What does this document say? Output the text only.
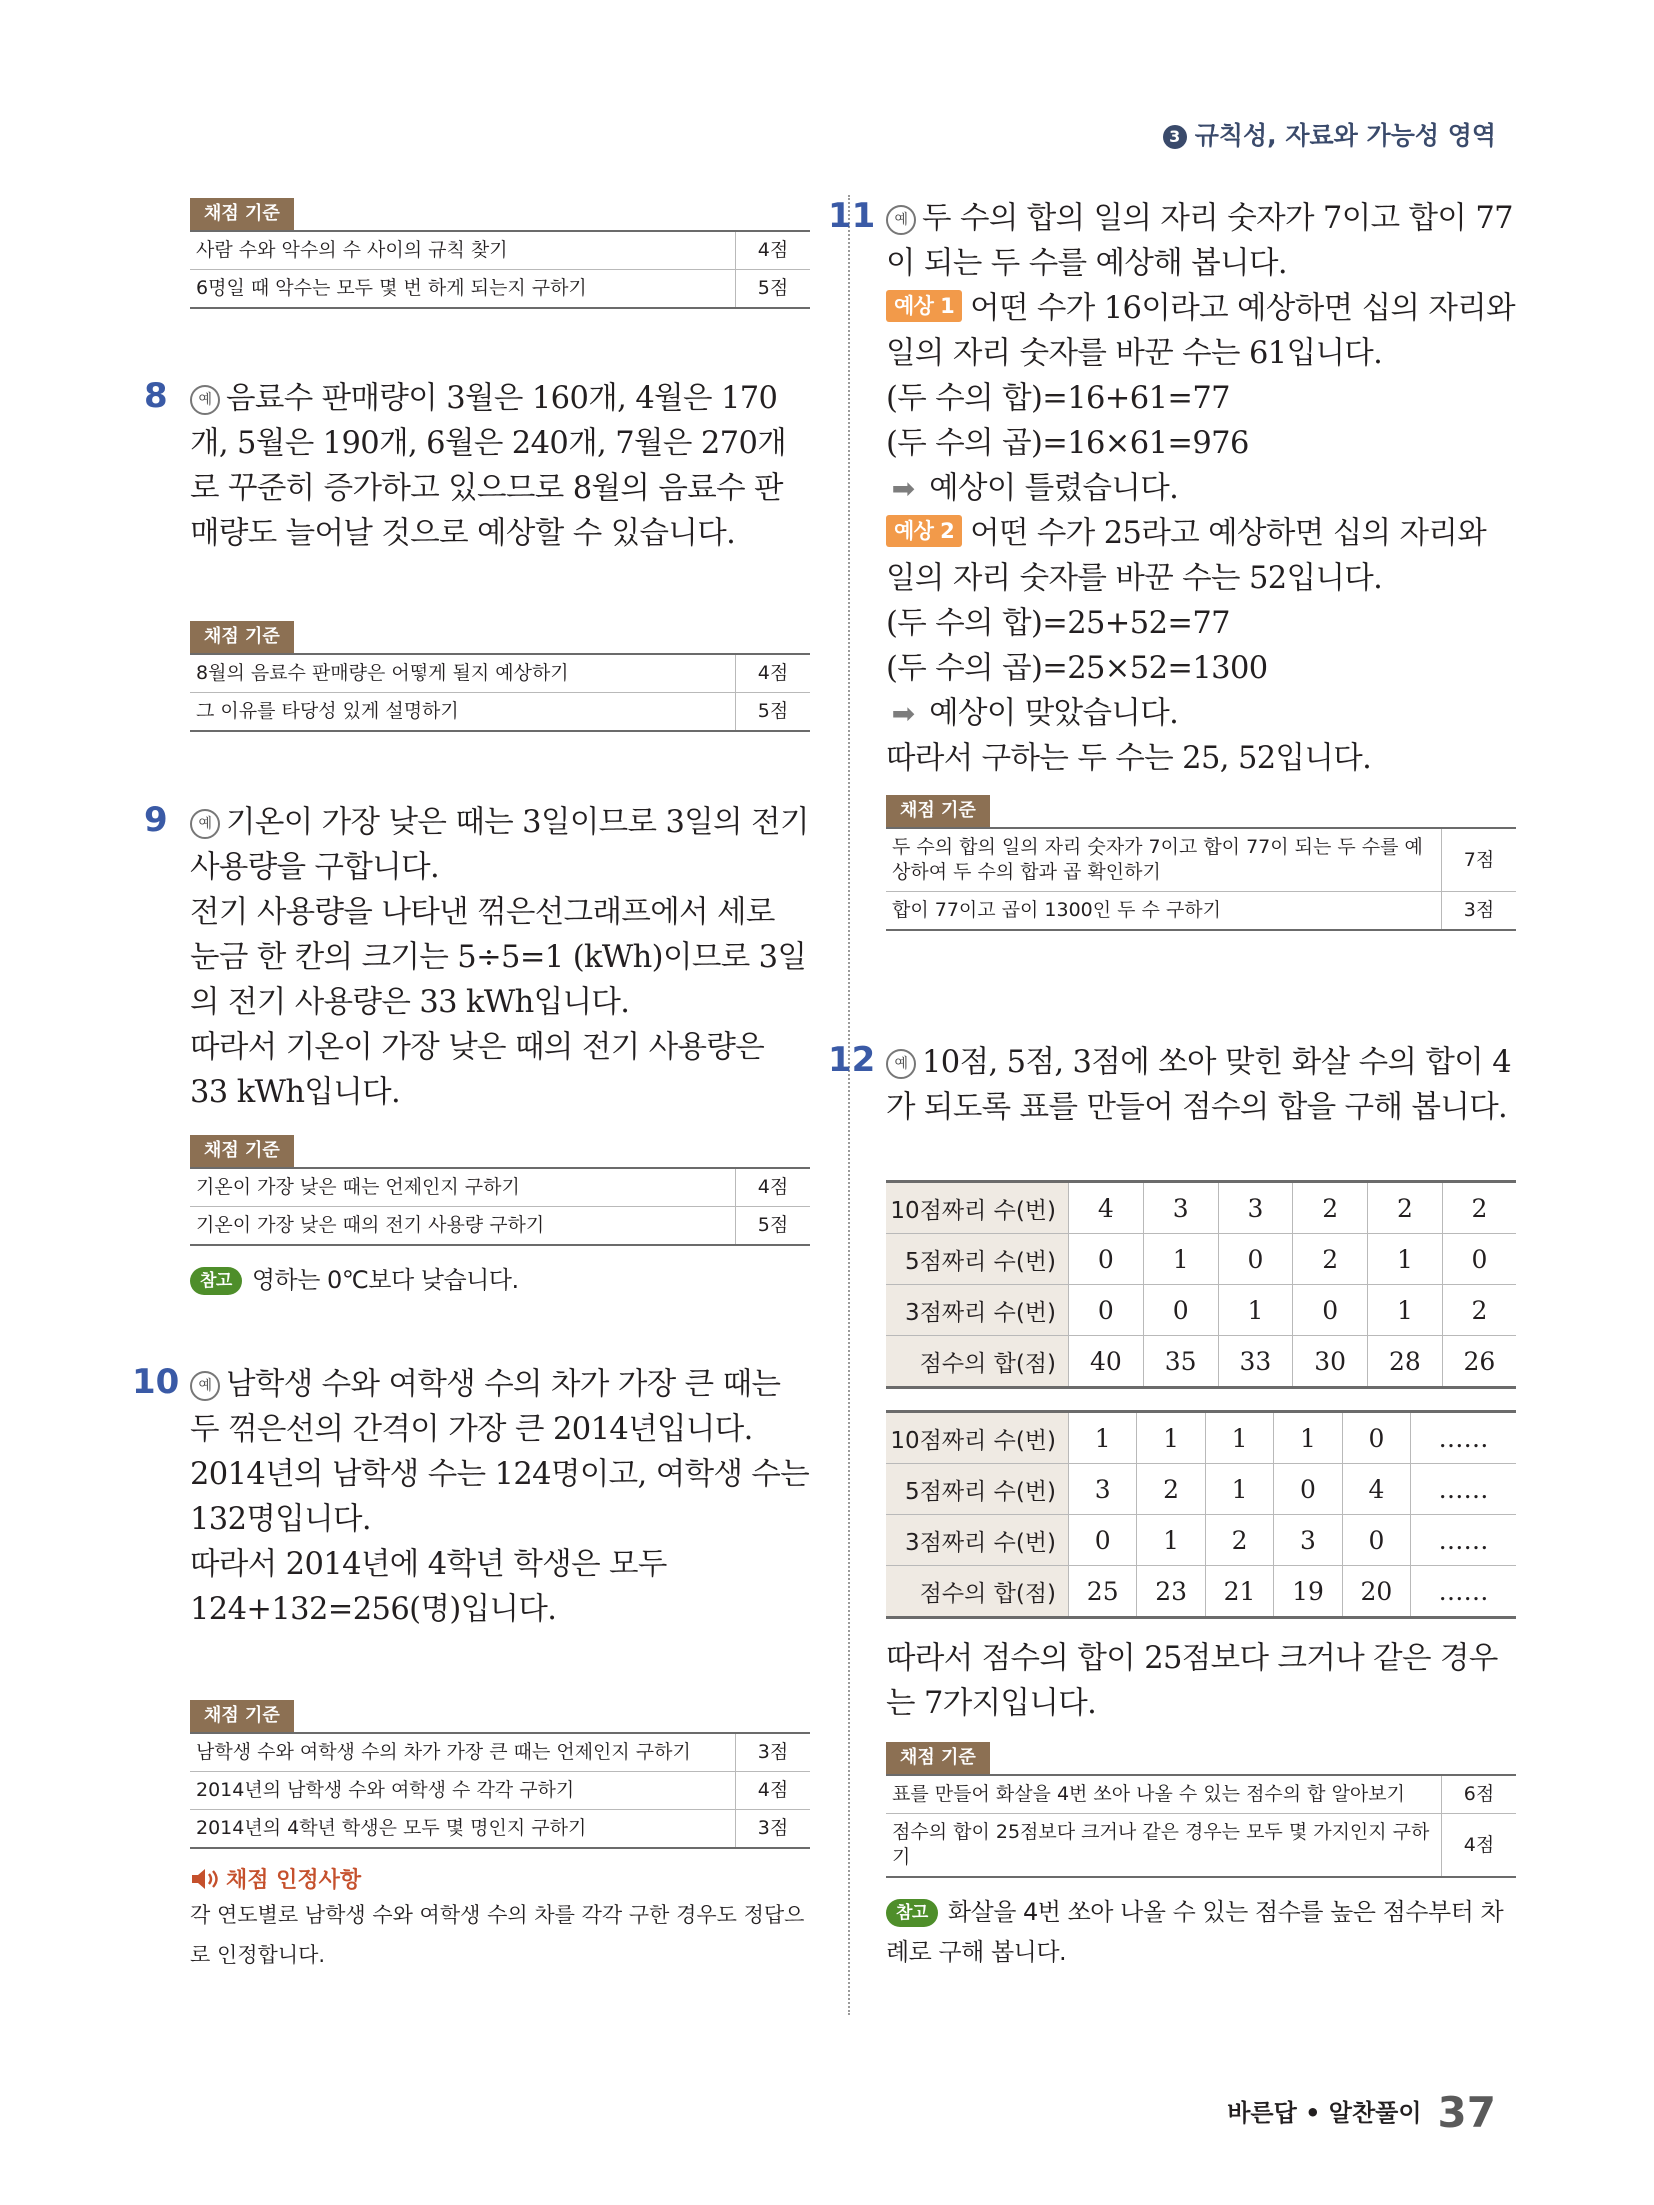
3 규칙성, 자료와 가능성 영역
채점 기준
사람 수와 악수의 수 사이의 규칙 찾기	4점
6명일 때 악수는 모두 몇 번 하게 되는지 구하기	5점
8	예 음료수 판매량이 3월은 160개, 4월은 170개, 5월은 190개, 6월은 240개, 7월은 270개로 꾸준히 증가하고 있으므로 8월의 음료수 판매량도 늘어날 것으로 예상할 수 있습니다.

채점 기준
8월의 음료수 판매량은 어떻게 될지 예상하기	4점
그 이유를 타당성 있게 설명하기	5점
9	예 기온이 가장 낮은 때는 3일이므로 3일의 전기 사용량을 구합니다.

전기 사용량을 나타낸 꺾은선그래프에서 세로 눈금 한 칸의 크기는 5÷5=1 (kWh)이므로 3일의 전기 사용량은 33 kWh입니다.

따라서 기온이 가장 낮은 때의 전기 사용량은 33 kWh입니다.

채점 기준
기온이 가장 낮은 때는 언제인지 구하기	4점
기온이 가장 낮은 때의 전기 사용량 구하기	5점
참고 영하는 0℃보다 낮습니다.
10	예 남학생 수와 여학생 수의 차가 가장 큰 때는 두 꺾은선의 간격이 가장 큰 2014년입니다.

2014년의 남학생 수는 124명이고, 여학생 수는 132명입니다.

따라서 2014년에 4학년 학생은 모두

124+132=256(명)입니다.

채점 기준
남학생 수와 여학생 수의 차가 가장 큰 때는 언제인지 구하기	3점
2014년의 남학생 수와 여학생 수 각각 구하기	4점
2014년의 4학년 학생은 모두 몇 명인지 구하기	3점
채점 인정사항
각 연도별로 남학생 수와 여학생 수의 차를 각각 구한 경우도 정답으로 인정합니다.
11	예 두 수의 합의 일의 자리 숫자가 7이고 합이 77이 되는 두 수를 예상해 봅니다.

예상 1 어떤 수가 16이라고 예상하면 십의 자리와 일의 자리 숫자를 바꾼 수는 61입니다.

(두 수의 합)=16+61=77

(두 수의 곱)=16×61=976

➡ 예상이 틀렸습니다.

예상 2 어떤 수가 25라고 예상하면 십의 자리와 일의 자리 숫자를 바꾼 수는 52입니다.

(두 수의 합)=25+52=77

(두 수의 곱)=25×52=1300

➡ 예상이 맞았습니다.

따라서 구하는 두 수는 25, 52입니다.

채점 기준
두 수의 합의 일의 자리 숫자가 7이고 합이 77이 되는 두 수를 예상하여 두 수의 합과 곱 확인하기	7점
합이 77이고 곱이 1300인 두 수 구하기	3점
12	예 10점, 5점, 3점에 쏘아 맞힌 화살 수의 합이 4가 되도록 표를 만들어 점수의 합을 구해 봅니다.

10점짜리 수(번)	4	3	3	2	2	2
5점짜리 수(번)	0	1	0	2	1	0
3점짜리 수(번)	0	0	1	0	1	2
점수의 합(점)	40	35	33	30	28	26
10점짜리 수(번)	1	1	1	1	0	……
5점짜리 수(번)	3	2	1	0	4	……
3점짜리 수(번)	0	1	2	3	0	……
점수의 합(점)	25	23	21	19	20	……

따라서 점수의 합이 25점보다 크거나 같은 경우는 7가지입니다.

채점 기준
표를 만들어 화살을 4번 쏘아 나올 수 있는 점수의 합 알아보기	6점
점수의 합이 25점보다 크거나 같은 경우는 모두 몇 가지인지 구하기	4점
참고 화살을 4번 쏘아 나올 수 있는 점수를 높은 점수부터 차례로 구해 봅니다.
바른답 • 알찬풀이 37
